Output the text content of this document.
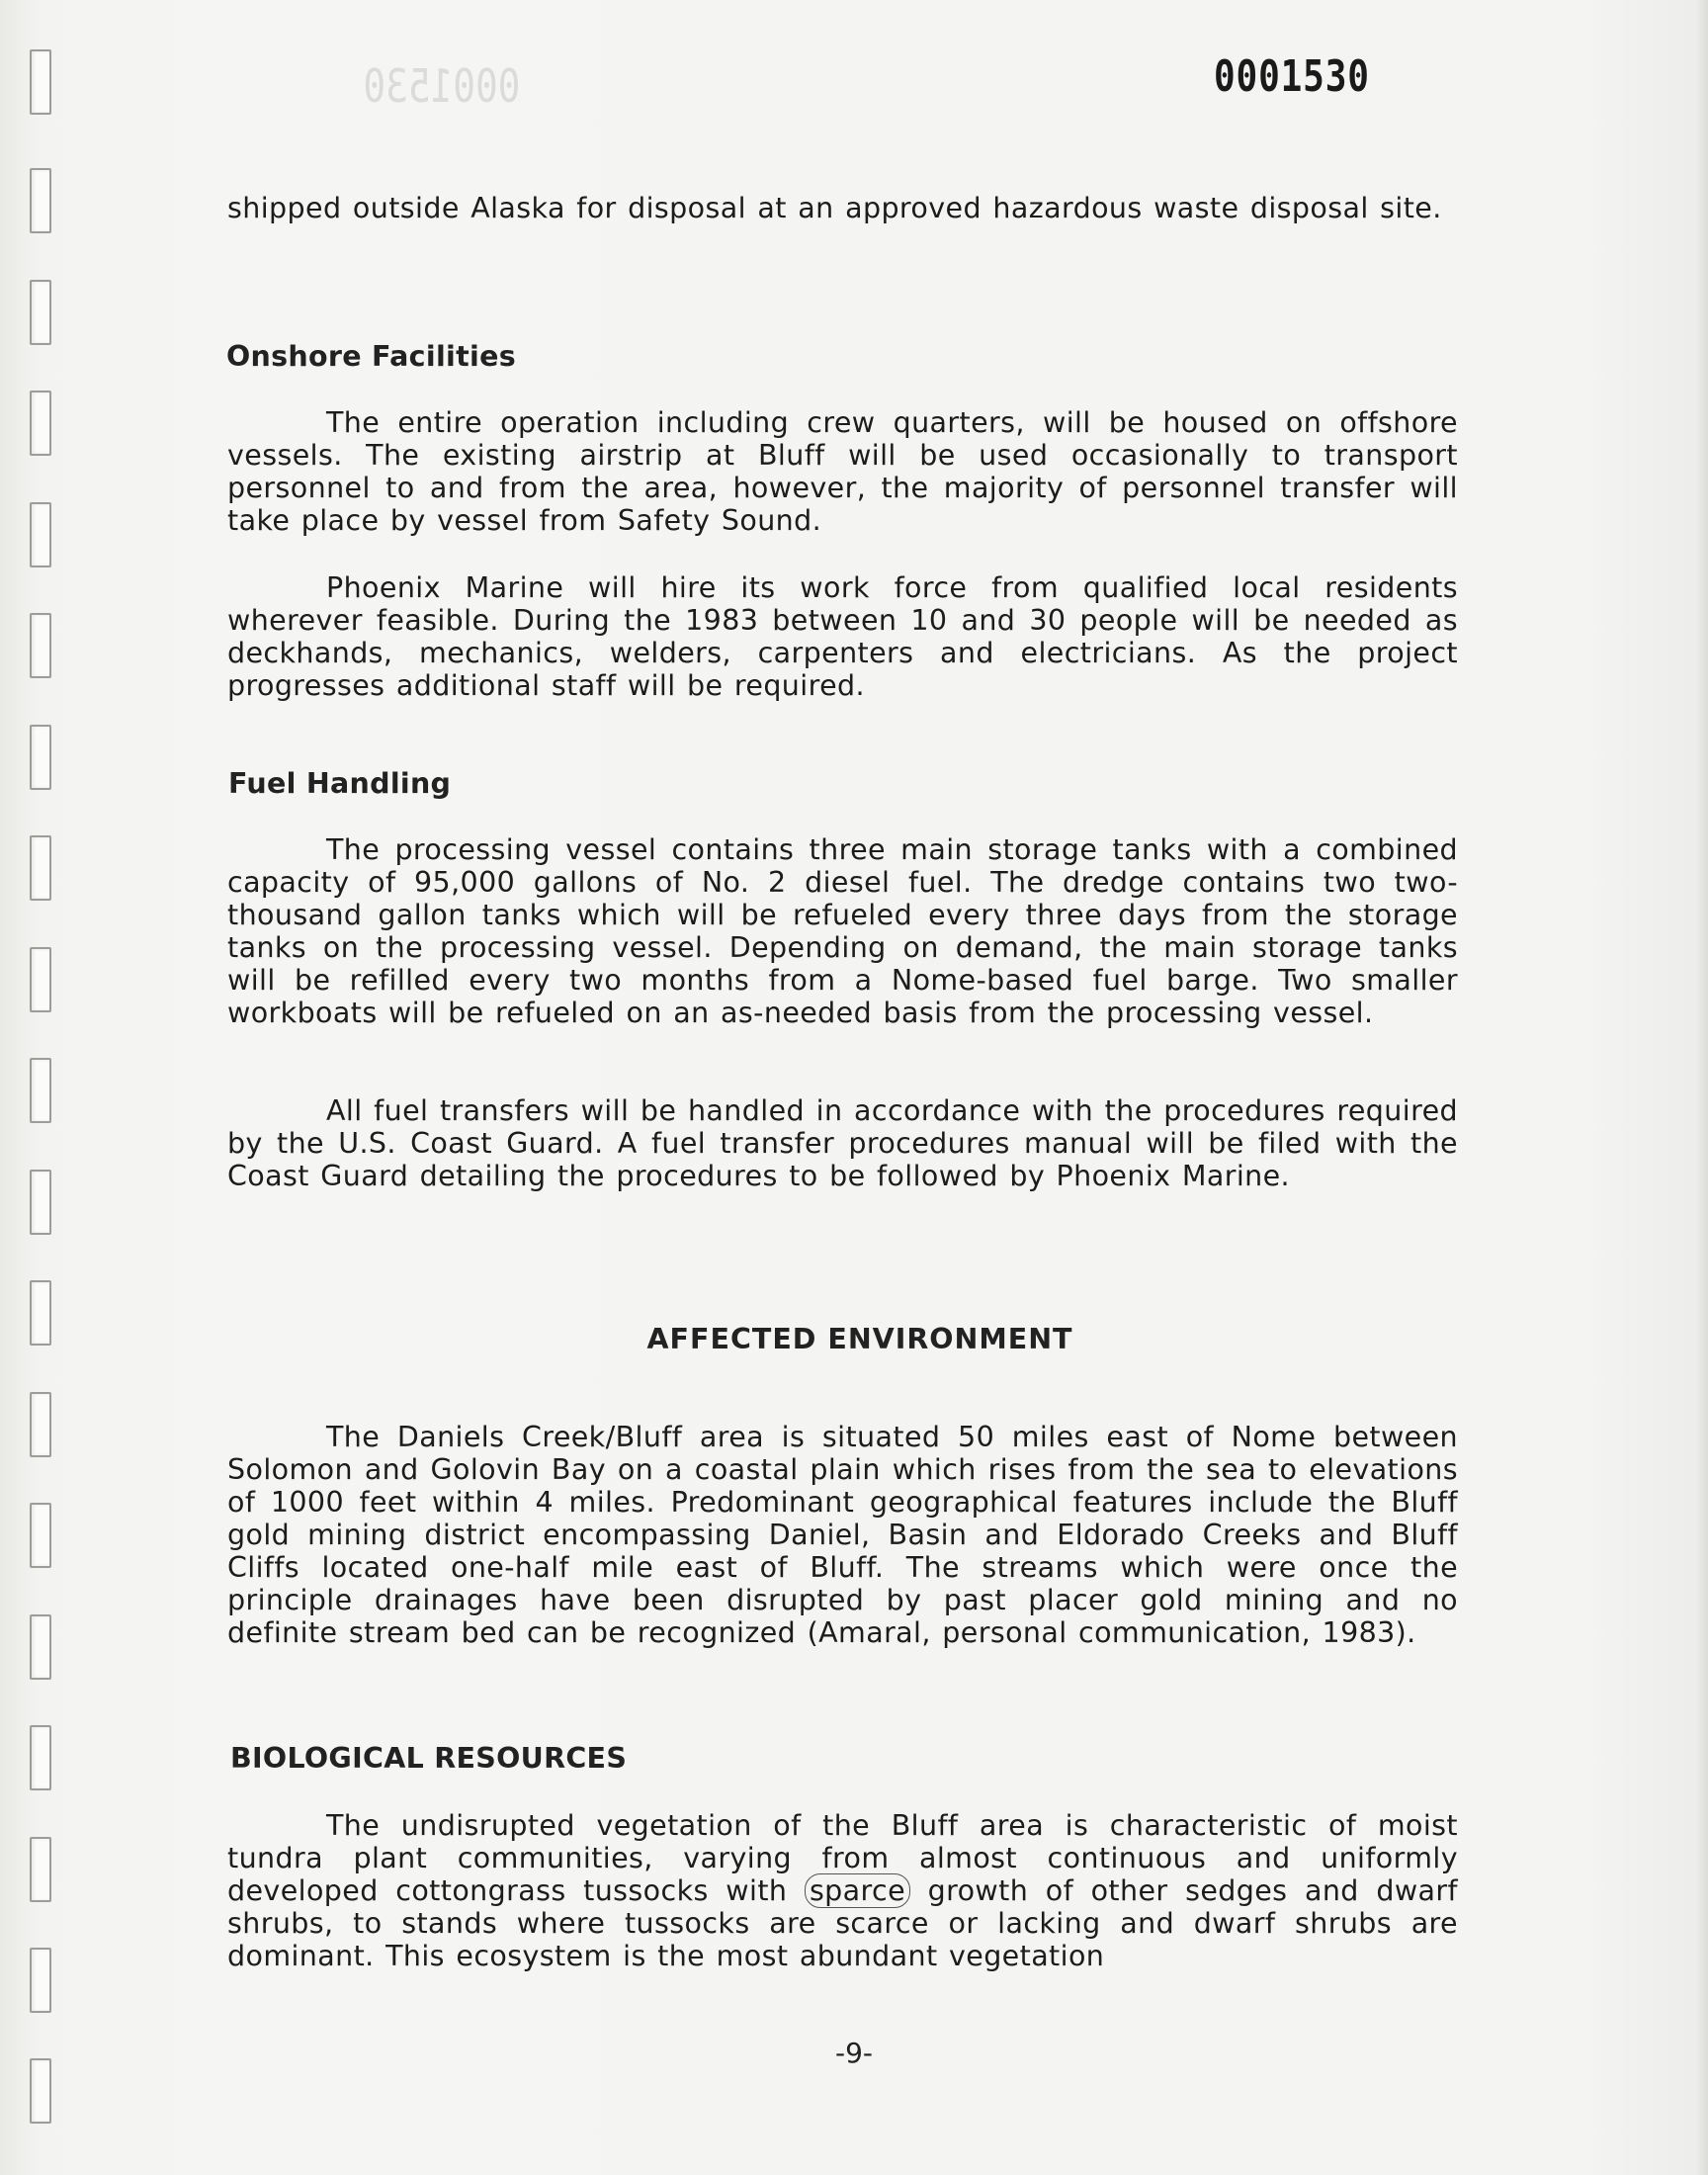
0001530	0001530

shipped outside Alaska for disposal at an approved hazardous waste disposal site.

Onshore Facilities

The entire operation including crew quarters, will be housed on offshore vessels. The existing airstrip at Bluff will be used occasionally to transport personnel to and from the area, however, the majority of personnel transfer will take place by vessel from Safety Sound.

Phoenix Marine will hire its work force from qualified local residents wherever feasible. During the 1983 between 10 and 30 people will be needed as deckhands, mechanics, welders, carpenters and electricians. As the project progresses additional staff will be required.

Fuel Handling

The processing vessel contains three main storage tanks with a combined capacity of 95,000 gallons of No. 2 diesel fuel. The dredge contains two two-thousand gallon tanks which will be refueled every three days from the storage tanks on the processing vessel. Depending on demand, the main storage tanks will be refilled every two months from a Nome-based fuel barge. Two smaller workboats will be refueled on an as-needed basis from the processing vessel.

All fuel transfers will be handled in accordance with the procedures required by the U.S. Coast Guard. A fuel transfer procedures manual will be filed with the Coast Guard detailing the procedures to be followed by Phoenix Marine.

AFFECTED ENVIRONMENT

The Daniels Creek/Bluff area is situated 50 miles east of Nome between Solomon and Golovin Bay on a coastal plain which rises from the sea to elevations of 1000 feet within 4 miles. Predominant geographical features include the Bluff gold mining district encompassing Daniel, Basin and Eldorado Creeks and Bluff Cliffs located one-half mile east of Bluff. The streams which were once the principle drainages have been disrupted by past placer gold mining and no definite stream bed can be recognized (Amaral, personal communication, 1983).

BIOLOGICAL RESOURCES

The undisrupted vegetation of the Bluff area is characteristic of moist tundra plant communities, varying from almost continuous and uniformly developed cottongrass tussocks with sparce growth of other sedges and dwarf shrubs, to stands where tussocks are scarce or lacking and dwarf shrubs are dominant. This ecosystem is the most abundant vegetation

-9-
